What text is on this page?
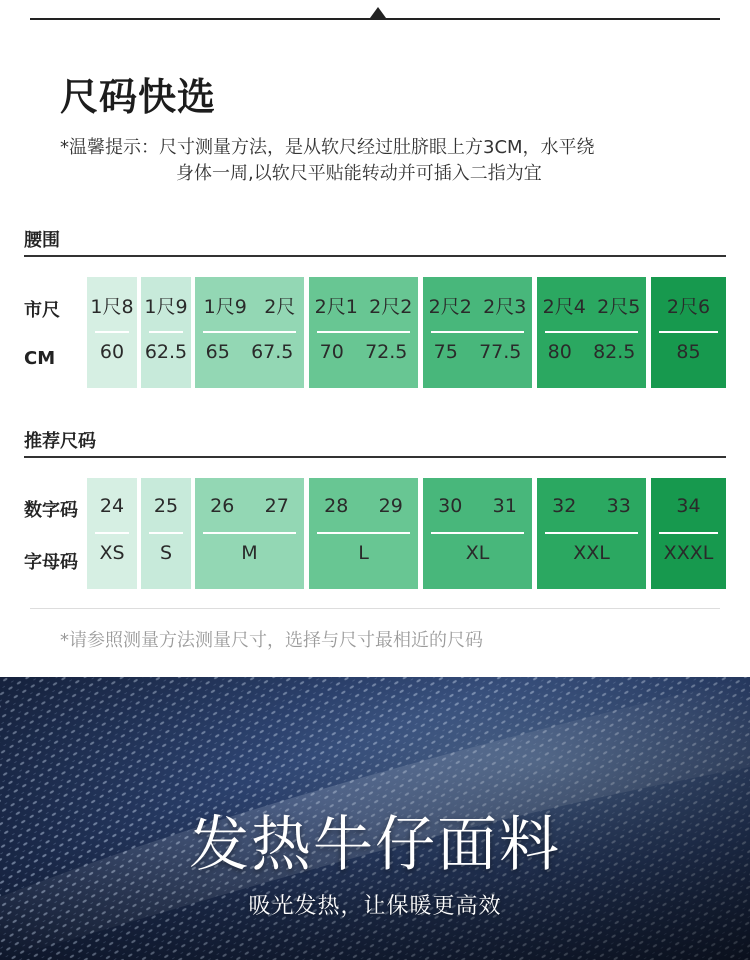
尺码快选
*温馨提示：尺寸测量方法，是从软尺经过肚脐眼上方3CM，水平绕
身体一周,以软尺平贴能转动并可插入二指为宜
腰围
市尺
CM
1尺8
60
1尺9
62.5
1尺9 2尺
65 67.5
2尺1 2尺2
70 72.5
2尺2 2尺3
75 77.5
2尺4 2尺5
80 82.5
2尺6
85
推荐尺码
数字码
字母码
24
XS
25
S
26 27
M
28 29
L
30 31
XL
32 33
XXL
34
XXXL
*请参照测量方法测量尺寸，选择与尺寸最相近的尺码
发热牛仔面料
吸光发热，让保暖更高效
